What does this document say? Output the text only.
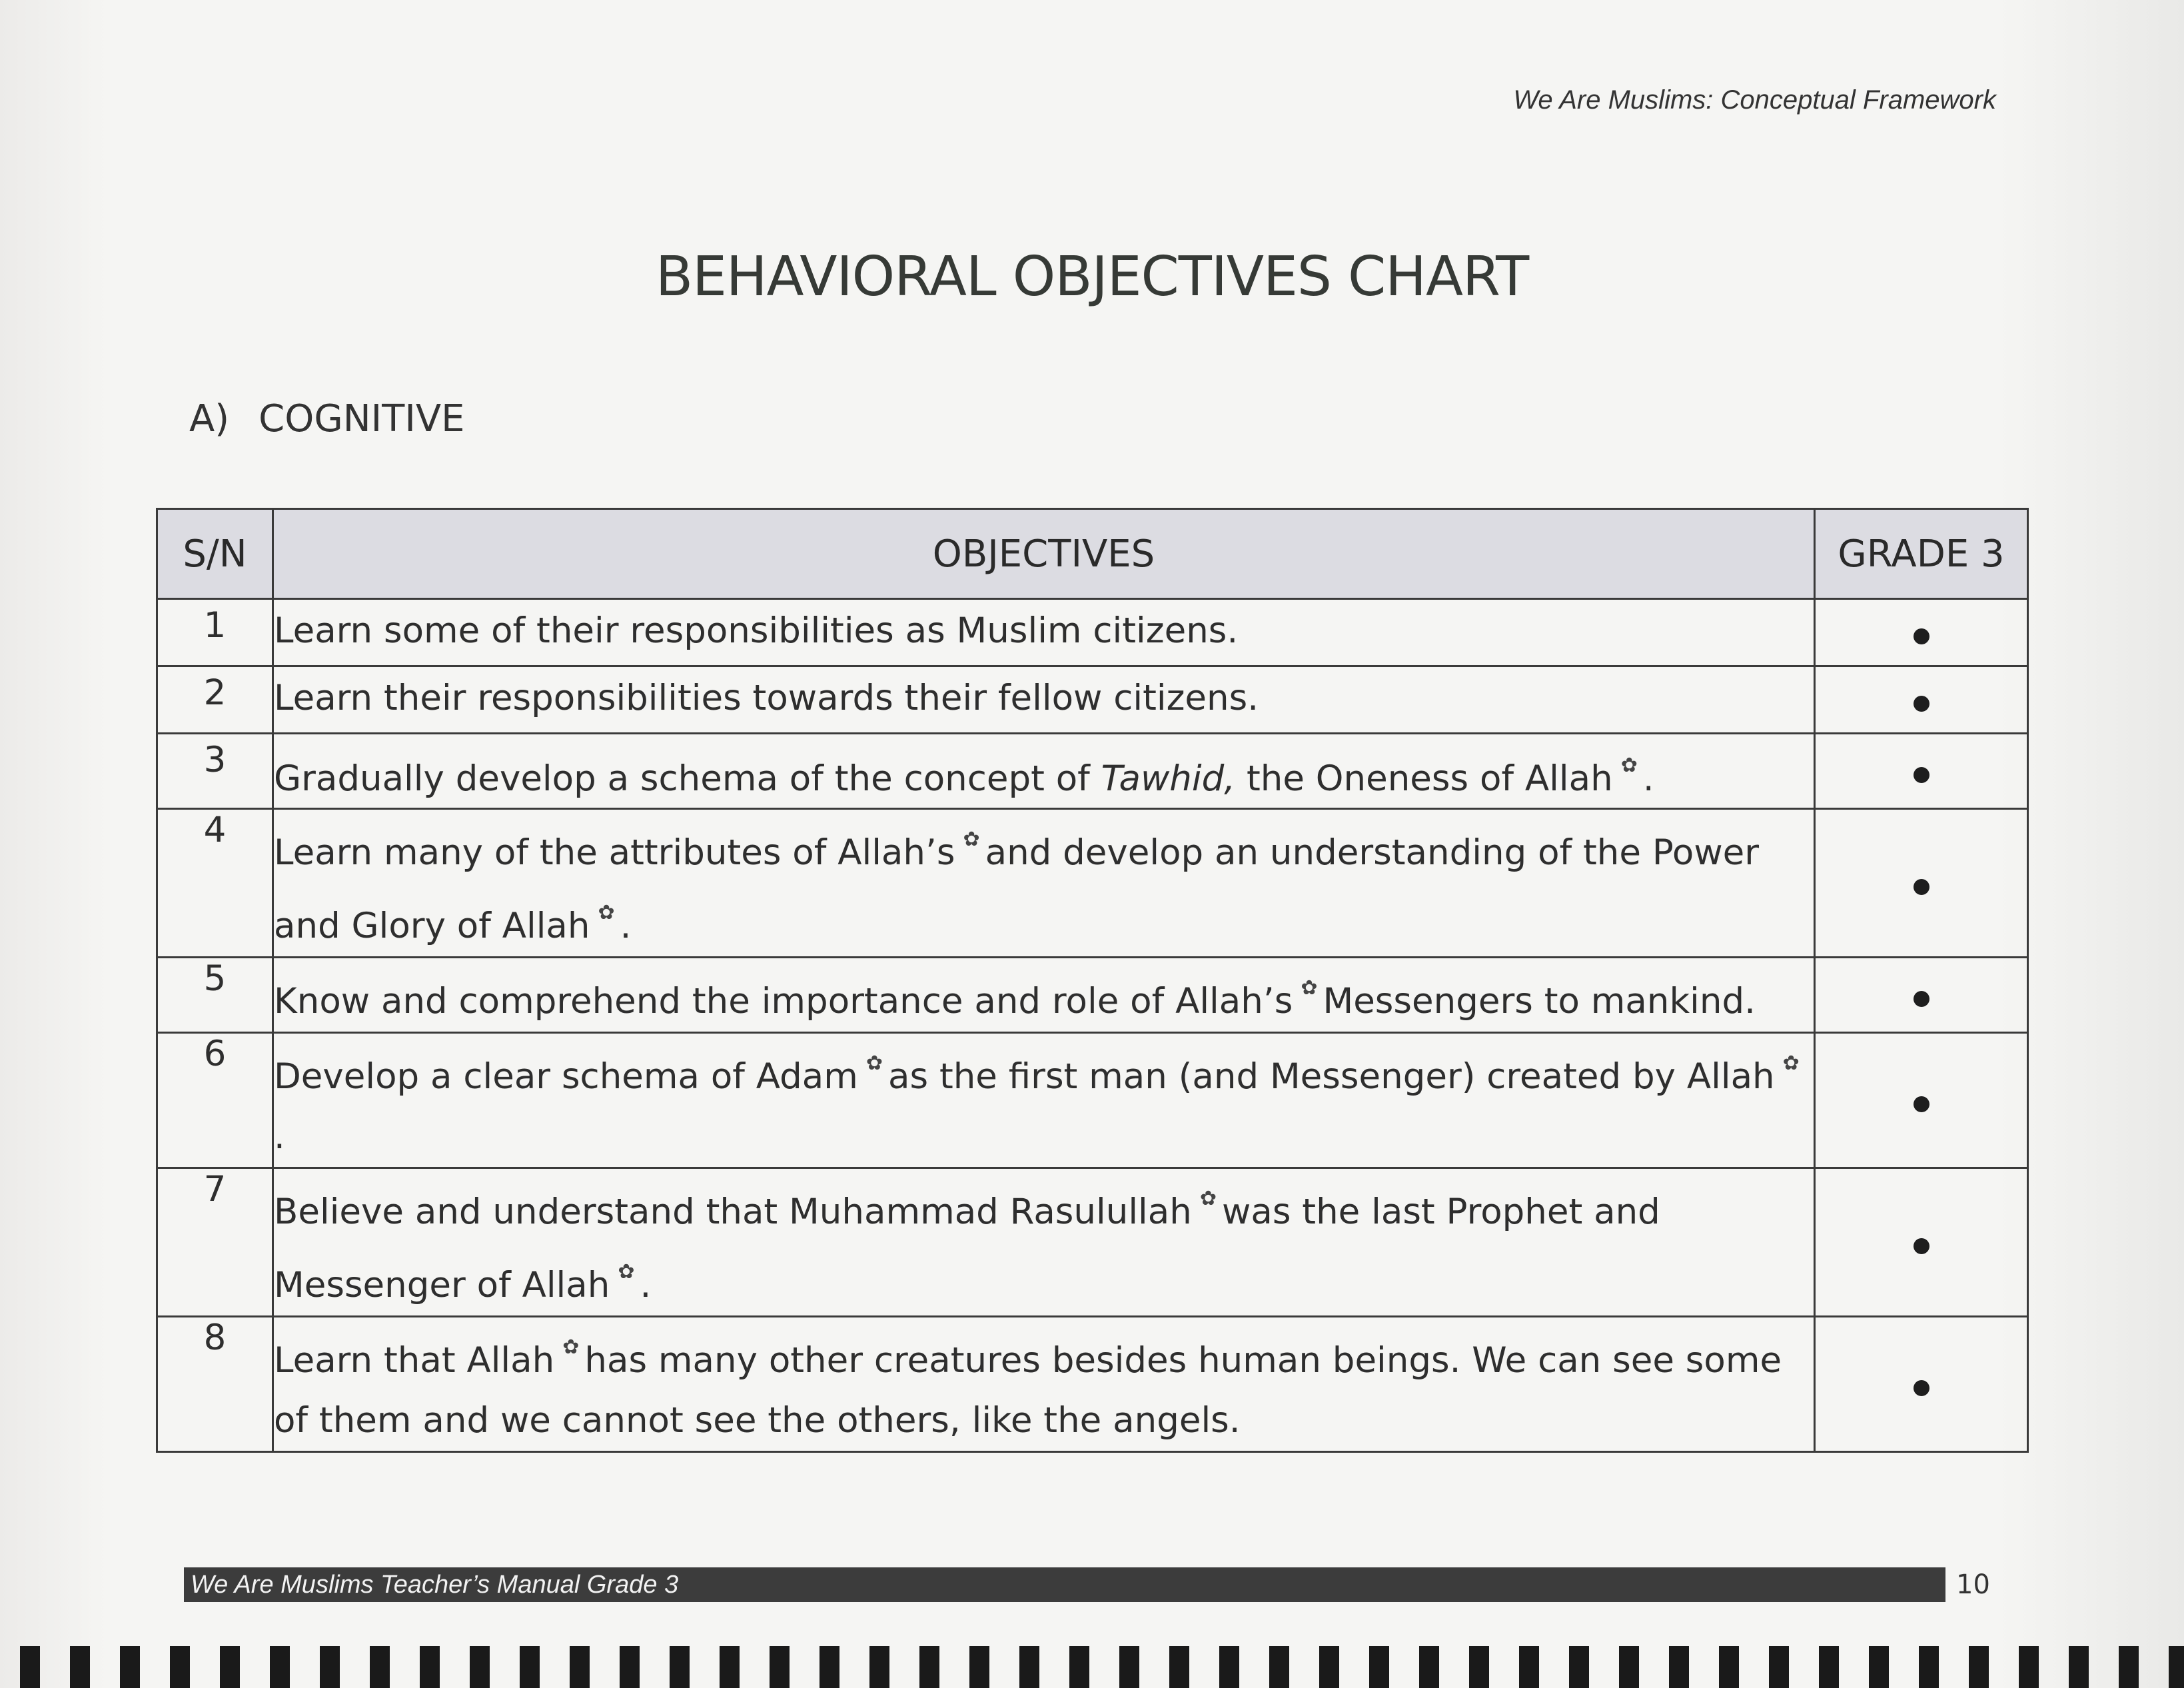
We Are Muslims: Conceptual Framework
BEHAVIORAL OBJECTIVES CHART
A) COGNITIVE
S/N	OBJECTIVES	GRADE 3
1	Learn some of their responsibilities as Muslim citizens.	
2	Learn their responsibilities towards their fellow citizens.	
3	Gradually develop a schema of the concept of Tawhid, the Oneness of Allah ✿ .	
4	Learn many of the attributes of Allah’s ✿ and develop an understanding of the Power and Glory of Allah ✿ .	
5	Know and comprehend the importance and role of Allah’s ✿ Messengers to mankind.	
6	Develop a clear schema of Adam ✿ as the first man (and Messenger) created by Allah ✿.	
7	Believe and understand that Muhammad Rasulullah ✿ was the last Prophet and Messenger of Allah ✿ .	
8	Learn that Allah ✿ has many other creatures besides human beings. We can see some of them and we cannot see the others, like the angels.	
We Are Muslims Teacher’s Manual Grade 3	10
